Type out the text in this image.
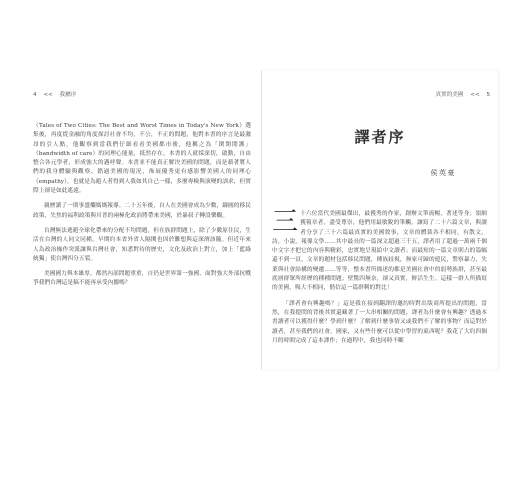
4 << 我屬序

（Tales of Two Cities: The Best and Worst Times in Today's New York）選集後，再度從金融的角度探討社會不均，不公，不正的問題，他對本書的序言是最激昂的引人點，他觀察到當我們仔細看看美國都市後，他稱之為「閑閑閒護」（bandwidth of care）的同理心能量，抵然存在，本書的人就採深切，啟動，自由整合各元學者，形成強大的邁呼聲。本書並不能真正解決美國的問題，而是藉著將人們的我身體驗與觀察、錯過美國的現況，佈展優秀更有感影響美國人的同理心（empathy），也就是為避人者得到人我如其自己一樣，多麼專檢與演變的訓求，但實際上卻是如此遙遠。

親歷讀了一則事盛爛媽媽報導。二十五年後，自人在美國會成為少數，鑄圓的移民政策，失焦的福利政策與川普的兩極化政治將帶來美國，於暴叔子轉設樂觀。

台灣無法逃避全球化帶來的分配不均問題，但在族群問題上，除了少數原住民，生活在台灣的人同文同種，早期約本省外省人隔閡也因於難想與這深濟該隨。但近年來人為政治操作突派讓與台灣社會，知悉對待的歷史，文化及政治上對立，加上「藍綠統獨」使台灣四分五裂。

美國國力與本雄厚，都然內部問題重重，自仍是世界第一強國，面對強大外部抗戰爭我們台灣這是稿不能再承受內挪嗎？

真實的美國 << 5
譯者序
侯英豪

三十六位當代美國最傑出，最獲秀的作家，創辦文筆流暢，著述等身；領網獲報章者，盡受尊崇，他們用最敏銳的筆觸，讓寫了二十六篇文章，與讀者分享了三十六篇最真實的美國敘事，文章的體裁各不相同，有散文，詩，小說，報導文學……其中最長的一篇深文超過三千五，譯者用了超過一萬兩千個中文字才把它的內容與精彩，忠實地呈現給中文讀者；而最短的一篇文章則占的篇幅還不到一頁，文章的題材包括移民問題，種族歧視，無家可歸的遊民，警察暴力，失業與社會結構的變遷……等等，整本書所描述的都是美國社會中的弱勢族群，甚至最底層群眾所經歷的種種問題；壁驚四無奈，卻又真實，鮮活生生。這樣一群人所描寫的美國，吸大不相同，偕信這一篇群剩的對比！

「譯者會有興趣嗎？」這是我在接到翻譯的邀約時對出版商所提出的問題，當然，在我提問的背後其實還藏著了一大串相關的問題，譯者為什麼會有興趣？透過本書讀者可以獲得什麼？學到什麼？了解到什麼事情又或我們不了解的事物？而這對於讀者，甚至我們的社會，國家，又有些什麼可以從中學習的東西呢？我花了大約四個月的時間完成了這本譯作；在過程中，我也同時不斷
